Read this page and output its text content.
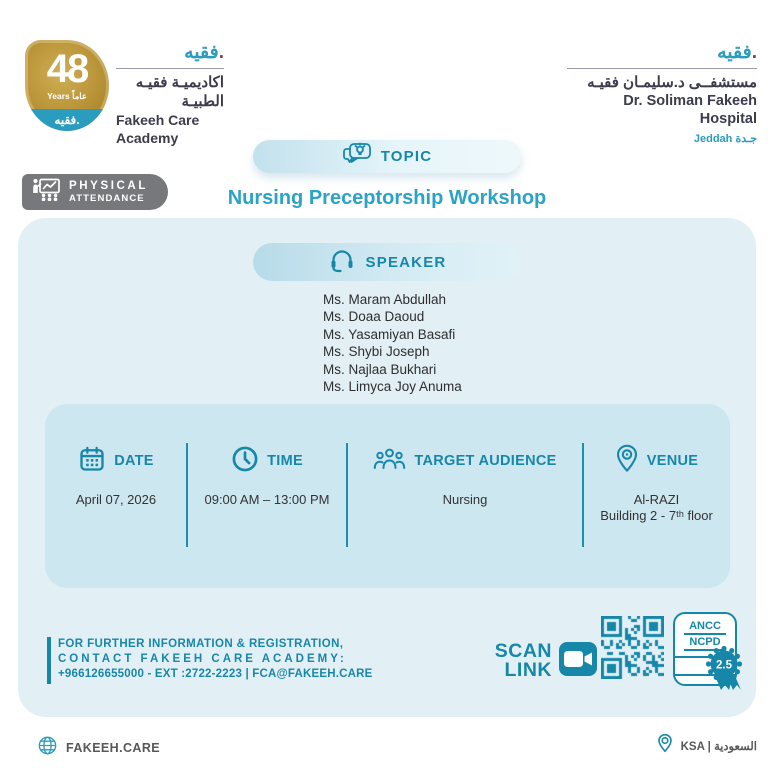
48
Years عاماً
فقيه .
فقيه.
اكاديميـة فقيـه الطبيـة
Fakeeh Care Academy
فقيه.
مستشفــى د.سليمـان فقيـه
Dr. Soliman Fakeeh Hospital
Jeddah جـدة
TOPIC
PHYSICAL
ATTENDANCE	Nursing Preceptorship Workshop
SPEAKER
Ms. Maram Abdullah
Ms. Doaa Daoud
Ms. Yasamiyan Basafi
Ms. Shybi Joseph
Ms. Najlaa Bukhari
Ms. Limyca Joy Anuma
DATE
April 07, 2026
TIME
09:00 AM – 13:00 PM
TARGET AUDIENCE
Nursing
VENUE
Al-RAZI
Building 2 - 7ᵗʰ floor
FOR FURTHER INFORMATION & REGISTRATION,
CONTACT FAKEEH CARE ACADEMY:
+966126655000 - EXT :2722-2223 | FCA@FAKEEH.CARE
SCAN
LINK
ANCC
NCPD
2.5
FAKEEH.CARE	KSA | السعودية
